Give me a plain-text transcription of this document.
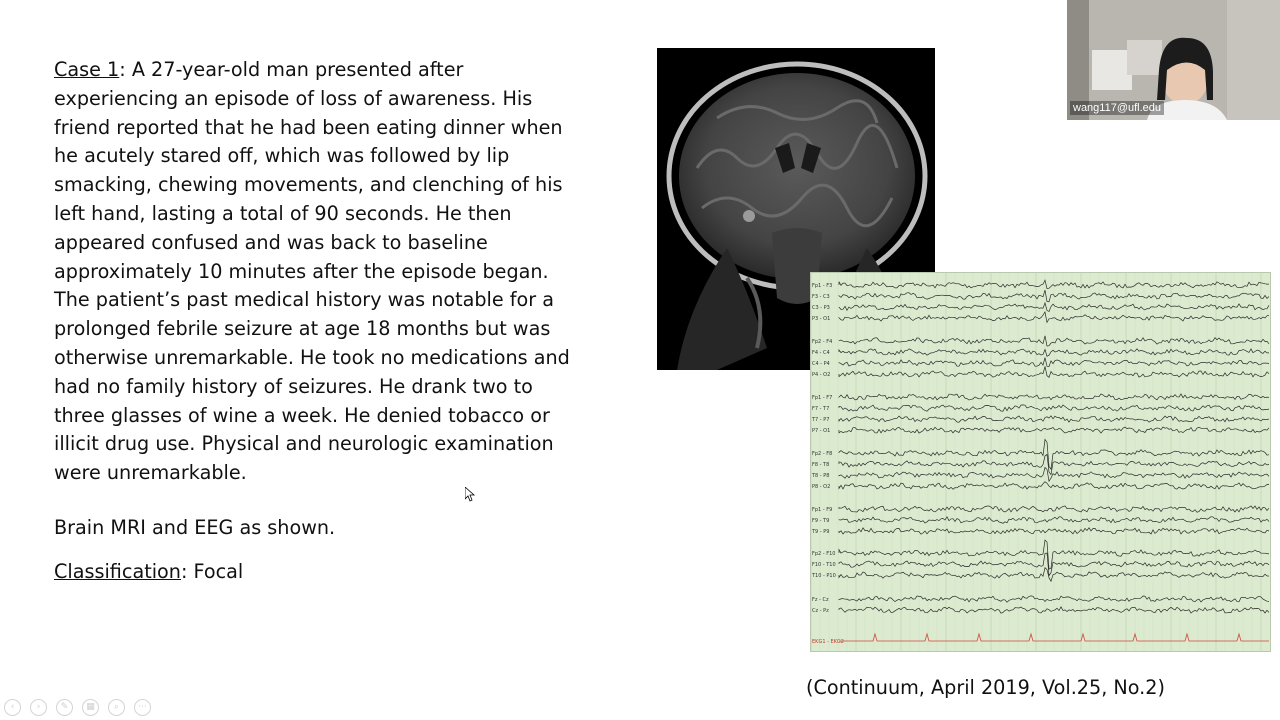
Case 1: A 27-year-old man presented after experiencing an episode of loss of awareness. His friend reported that he had been eating dinner when he acutely stared off, which was followed by lip smacking, chewing movements, and clenching of his left hand, lasting a total of 90 seconds. He then appeared confused and was back to baseline approximately 10 minutes after the episode began. The patient’s past medical history was notable for a prolonged febrile seizure at age 18 months but was otherwise unremarkable. He took no medications and had no family history of seizures. He drank two to three glasses of wine a week. He denied tobacco or illicit drug use. Physical and neurologic examination were unremarkable.
Brain MRI and EEG as shown.
Classification: Focal
Fp1 - F3
F3 - C3
C3 - P3
P3 - O1
Fp2 - F4
F4 - C4
C4 - P4
P4 - O2
Fp1 - F7
F7 - T7
T7 - P7
P7 - O1
Fp2 - F8
F8 - T8
T8 - P8
P8 - O2
Fp1 - F9
F9 - T9
T9 - P9
Fp2 - F10
F10 - T10
T10 - P10
Fz - Cz
Cz - Pz
EKG1 - EKG2
(Continuum, April 2019, Vol.25, No.2)
wang117@ufl.edu
‹	›	✎	▦	⌕	⋯
